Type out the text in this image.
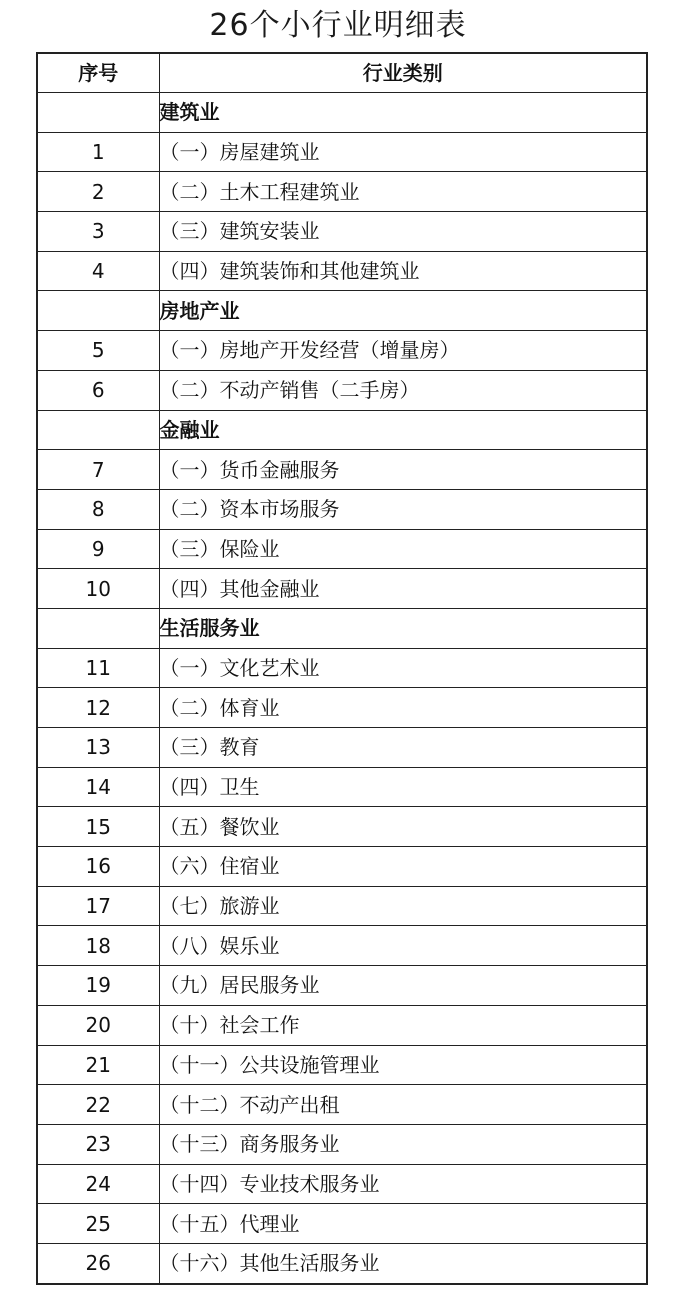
26个小行业明细表
序号	行业类别
	建筑业
1	（一）房屋建筑业
2	（二）土木工程建筑业
3	（三）建筑安装业
4	（四）建筑装饰和其他建筑业
	房地产业
5	（一）房地产开发经营（增量房）
6	（二）不动产销售（二手房）
	金融业
7	（一）货币金融服务
8	（二）资本市场服务
9	（三）保险业
10	（四）其他金融业
	生活服务业
11	（一）文化艺术业
12	（二）体育业
13	（三）教育
14	（四）卫生
15	（五）餐饮业
16	（六）住宿业
17	（七）旅游业
18	（八）娱乐业
19	（九）居民服务业
20	（十）社会工作
21	（十一）公共设施管理业
22	（十二）不动产出租
23	（十三）商务服务业
24	（十四）专业技术服务业
25	（十五）代理业
26	（十六）其他生活服务业
